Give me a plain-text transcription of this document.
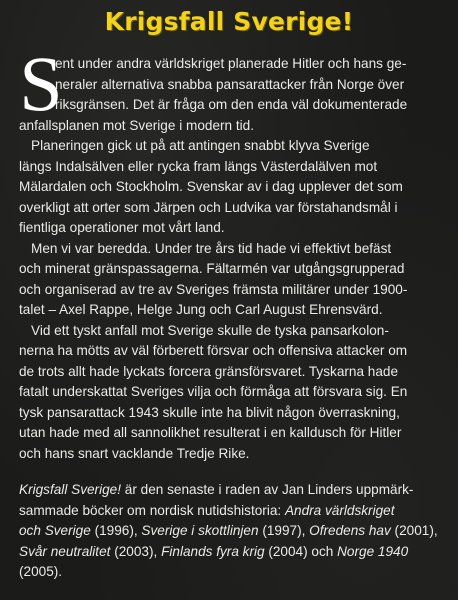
Krigsfall Sverige!
S
ent under andra världskriget planerade Hitler och hans ge-
neraler alternativa snabba pansarattacker från Norge över
riksgränsen. Det är fråga om den enda väl dokumenterade
anfallsplanen mot Sverige i modern tid.
Planeringen gick ut på att antingen snabbt klyva Sverige
längs Indalsälven eller rycka fram längs Västerdalälven mot
Mälardalen och Stockholm. Svenskar av i dag upplever det som
overkligt att orter som Järpen och Ludvika var förstahandsmål i
fientliga operationer mot vårt land.
Men vi var beredda. Under tre års tid hade vi effektivt befäst
och minerat gränspassagerna. Fältarmén var utgångsgrupperad
och organiserad av tre av Sveriges främsta militärer under 1900-
talet – Axel Rappe, Helge Jung och Carl August Ehrensvärd.
Vid ett tyskt anfall mot Sverige skulle de tyska pansarkolon-
nerna ha mötts av väl förberett försvar och offensiva attacker om
de trots allt hade lyckats forcera gränsförsvaret. Tyskarna hade
fatalt underskattat Sveriges vilja och förmåga att försvara sig. En
tysk pansarattack 1943 skulle inte ha blivit någon överraskning,
utan hade med all sannolikhet resulterat i en kalldusch för Hitler
och hans snart vacklande Tredje Rike.
Krigsfall Sverige! är den senaste i raden av Jan Linders uppmärk-
sammade böcker om nordisk nutidshistoria: Andra världskriget
och Sverige (1996), Sverige i skottlinjen (1997), Ofredens hav (2001),
Svår neutralitet (2003), Finlands fyra krig (2004) och Norge 1940
(2005).
